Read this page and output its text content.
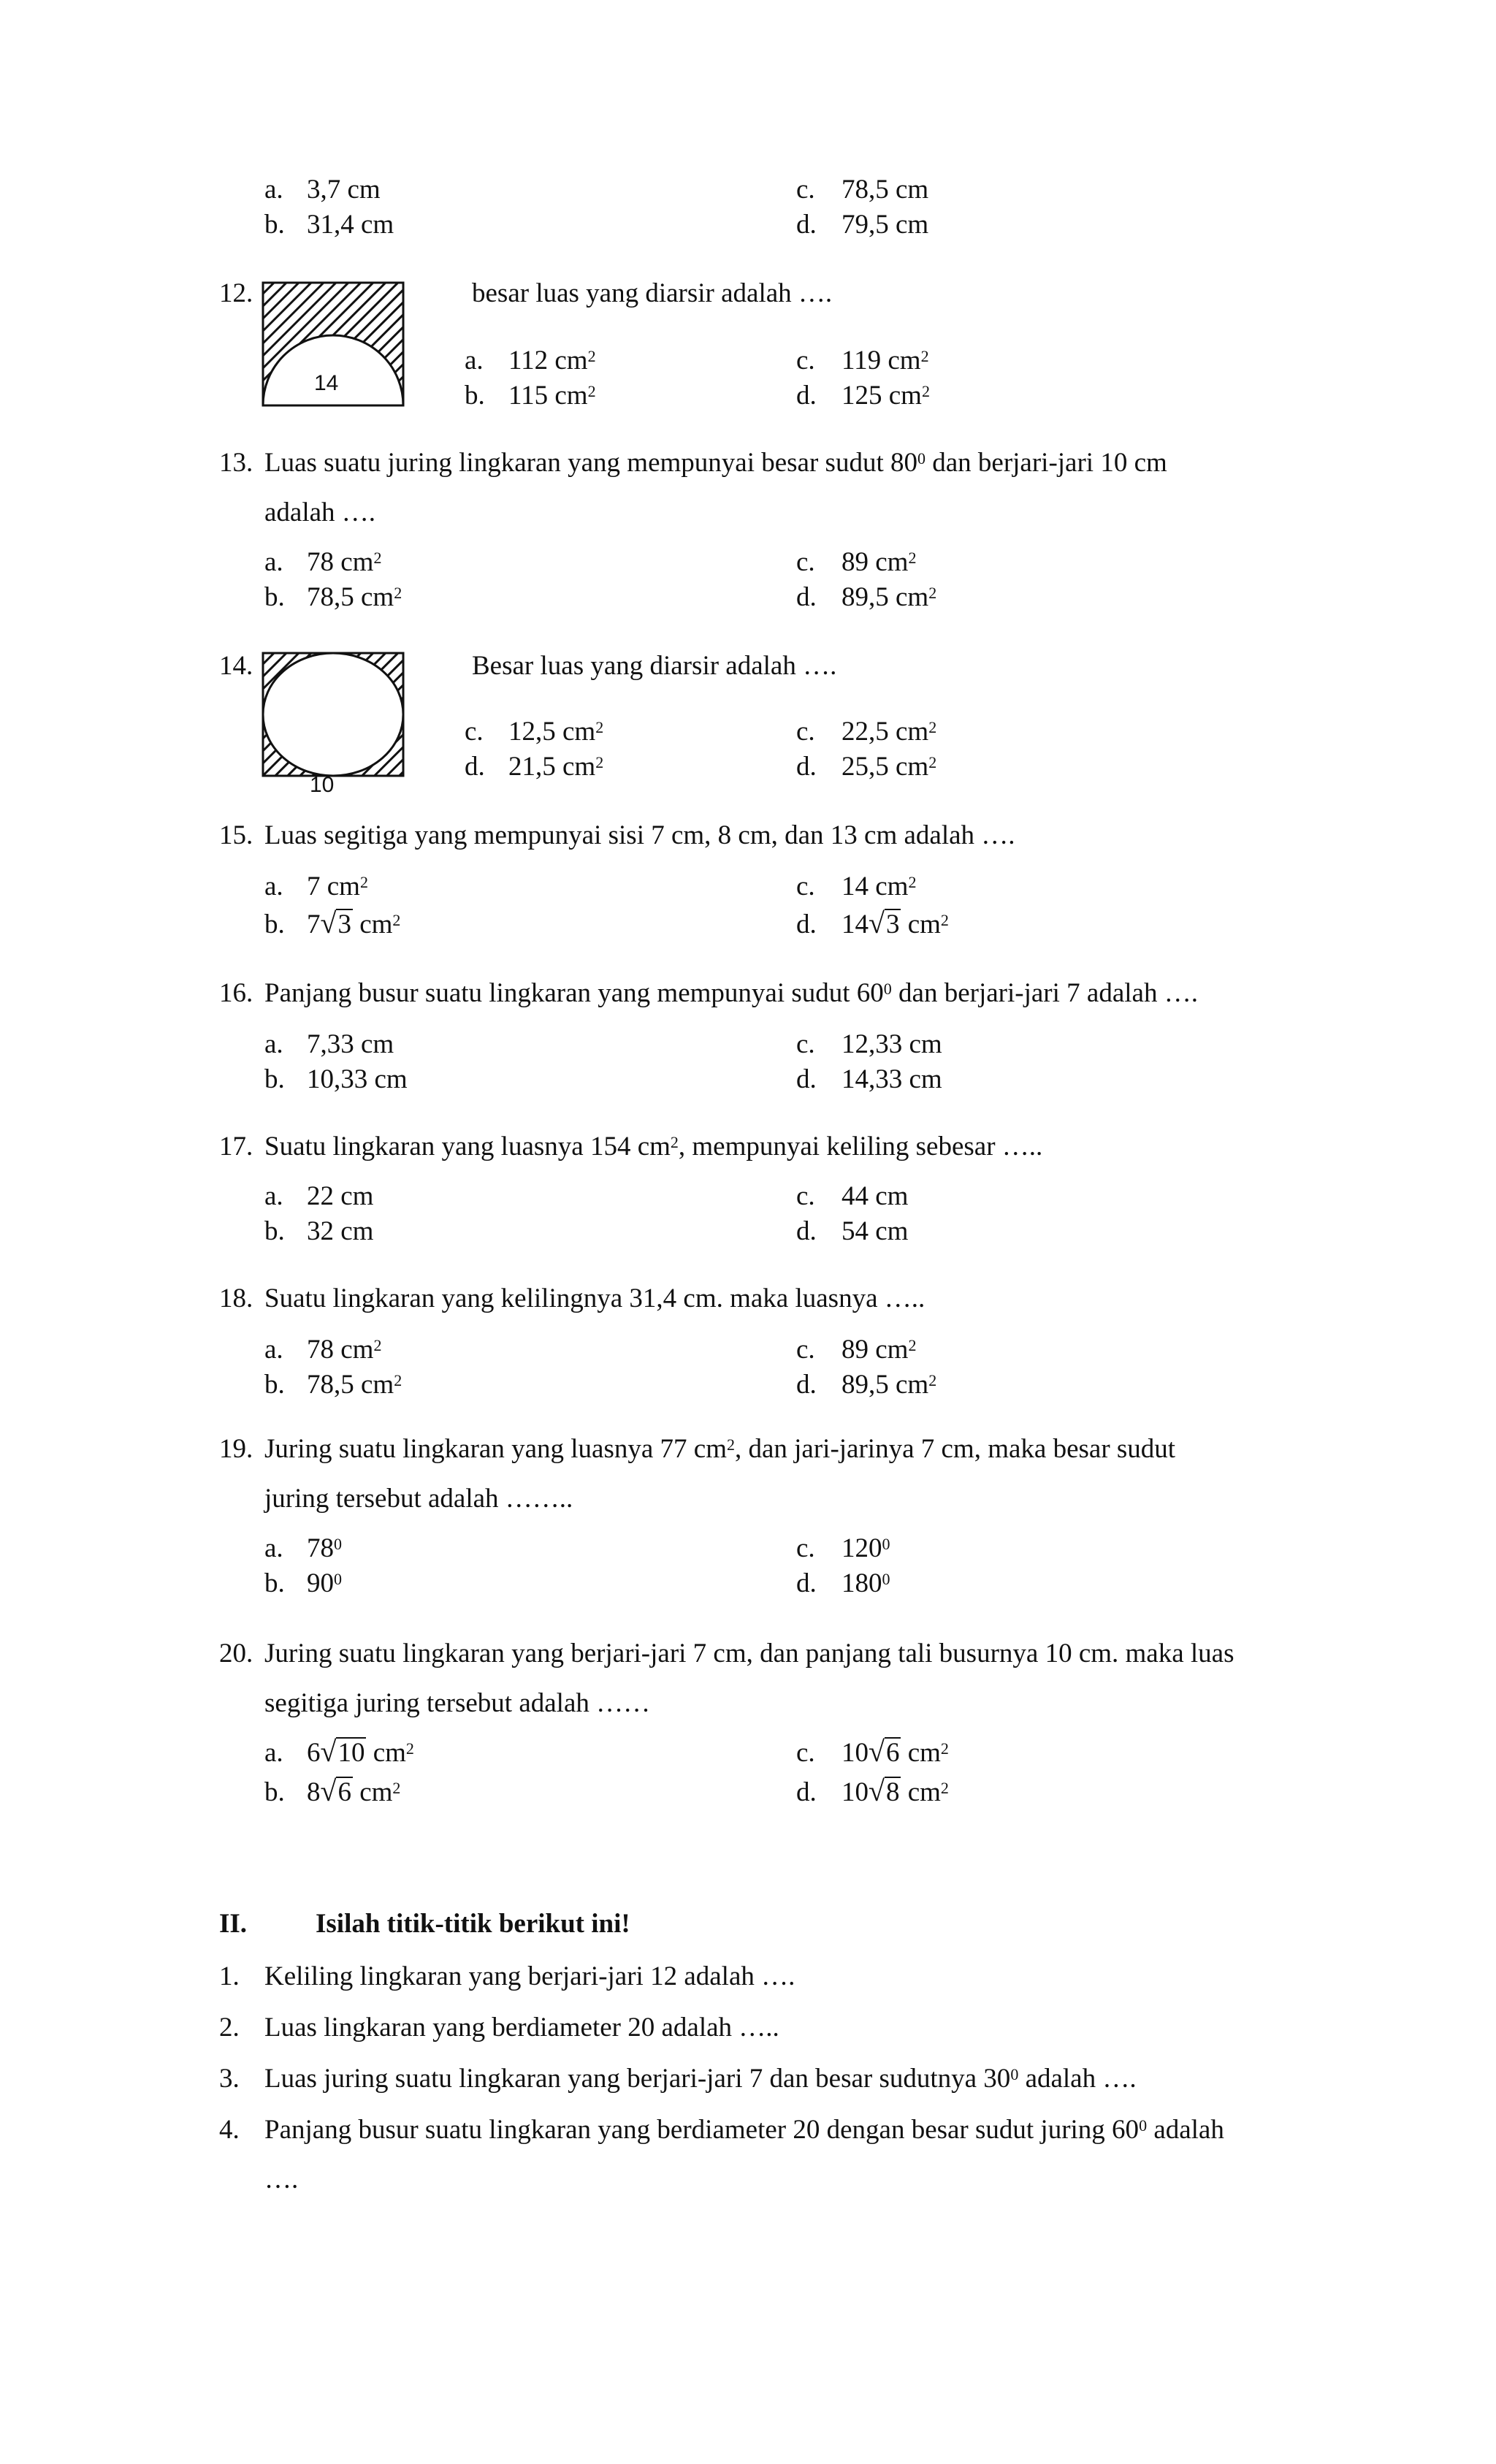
a. 3,7 cm
b. 31,4 cm
c. 78,5 cm
d. 79,5 cm
12.
14
besar luas yang diarsir adalah ….
a. 112 $cm^2$
b. 115 $cm^2$
c. 119 $cm^2$
d. 125 $cm^2$
13. Luas suatu juring lingkaran yang mempunyai besar sudut $80^0$ dan berjari-jari 10 cm
adalah ….
a. 78 $cm^2$
b. 78,5 $cm^2$
c. 89 $cm^2$
d. 89,5 $cm^2$
14.
10
Besar luas yang diarsir adalah ….
c. 12,5 $cm^2$
d. 21,5 $cm^2$
c. 22,5 $cm^2$
d. 25,5 $cm^2$
15. Luas segitiga yang mempunyai sisi 7 cm, 8 cm, dan 13 cm adalah ….
a. 7 $cm^2$
b. 7 √ 3 $cm^2$
c. 14 $cm^2$
d. 14 √ 3 $cm^2$
16. Panjang busur suatu lingkaran yang mempunyai sudut $60^0$ dan berjari-jari 7 adalah ….
a. 7,33 cm
b. 10,33 cm
c. 12,33 cm
d. 14,33 cm
17. Suatu lingkaran yang luasnya 154 $cm^2$, mempunyai keliling sebesar …..
a. 22 cm
b. 32 cm
c. 44 cm
d. 54 cm
18. Suatu lingkaran yang kelilingnya 31,4 cm. maka luasnya …..
a. 78 $cm^2$
b. 78,5 $cm^2$
c. 89 $cm^2$
d. 89,5 $cm^2$
19. Juring suatu lingkaran yang luasnya 77 $cm^2$, dan jari-jarinya 7 cm, maka besar sudut
juring tersebut adalah ……..
a. $78^0$
b. $90^0$
c. $120^0$
d. $180^0$
20. Juring suatu lingkaran yang berjari-jari 7 cm, dan panjang tali busurnya 10 cm. maka luas
segitiga juring tersebut adalah ……
a. 6 √ 10 $cm^2$
b. 8 √ 6 $cm^2$
c. 10 √ 6 $cm^2$
d. 10 √ 8 $cm^2$
II.	Isilah titik-titik berikut ini!
1. Keliling lingkaran yang berjari-jari 12 adalah ….
2. Luas lingkaran yang berdiameter 20 adalah …..
3. Luas juring suatu lingkaran yang berjari-jari 7 dan besar sudutnya $30^0$ adalah ….
4. Panjang busur suatu lingkaran yang berdiameter 20 dengan besar sudut juring $60^0$ adalah
….
